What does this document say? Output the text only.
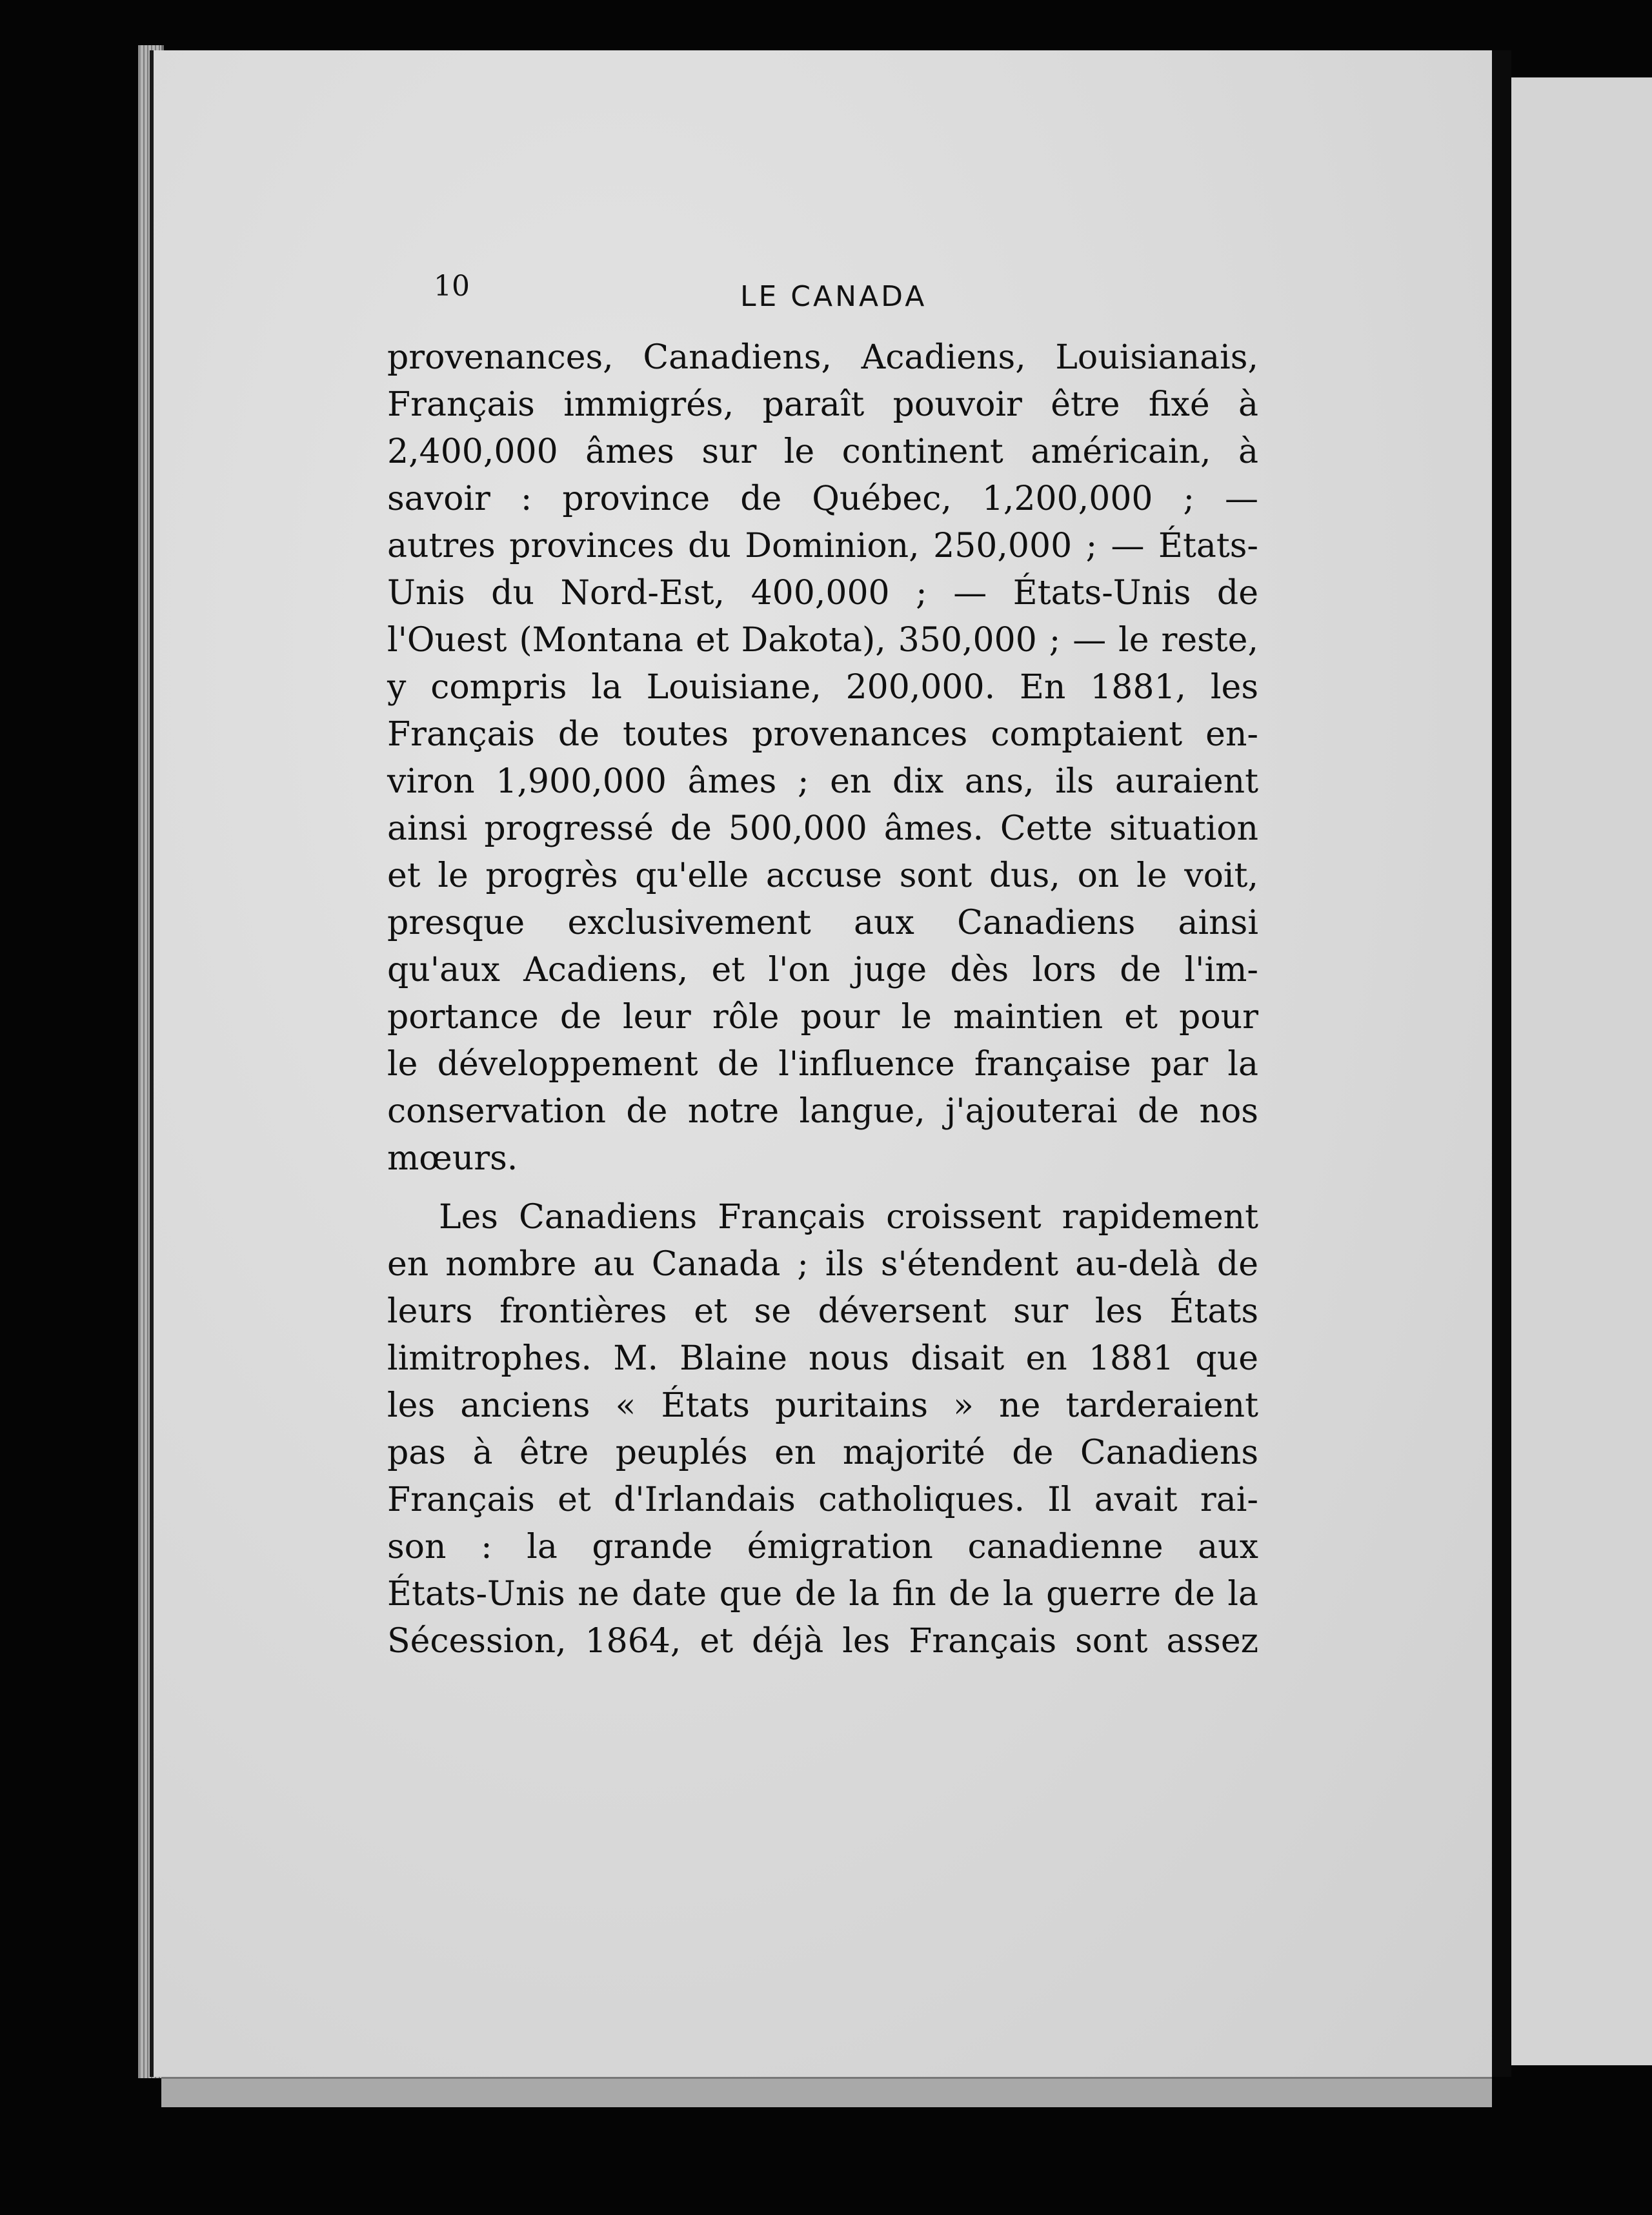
10	LE CANADA
provenances, Canadiens, Acadiens, Louisianais,
Français immigrés, paraît pouvoir être fixé à
2,400,000 âmes sur le continent américain, à
savoir : province de Québec, 1,200,000 ; —
autres provinces du Dominion, 250,000 ; — États-
Unis du Nord-Est, 400,000 ; — États-Unis de
l'Ouest (Montana et Dakota), 350,000 ; — le reste,
y compris la Louisiane, 200,000. En 1881, les
Français de toutes provenances comptaient en-
viron 1,900,000 âmes ; en dix ans, ils auraient
ainsi progressé de 500,000 âmes. Cette situation
et le progrès qu'elle accuse sont dus, on le voit,
presque exclusivement aux Canadiens ainsi
qu'aux Acadiens, et l'on juge dès lors de l'im-
portance de leur rôle pour le maintien et pour
le développement de l'influence française par la
conservation de notre langue, j'ajouterai de nos
mœurs.
Les Canadiens Français croissent rapidement
en nombre au Canada ; ils s'étendent au-delà de
leurs frontières et se déversent sur les États
limitrophes. M. Blaine nous disait en 1881 que
les anciens « États puritains » ne tarderaient
pas à être peuplés en majorité de Canadiens
Français et d'Irlandais catholiques. Il avait rai-
son : la grande émigration canadienne aux
États-Unis ne date que de la fin de la guerre de la
Sécession, 1864, et déjà les Français sont assez
